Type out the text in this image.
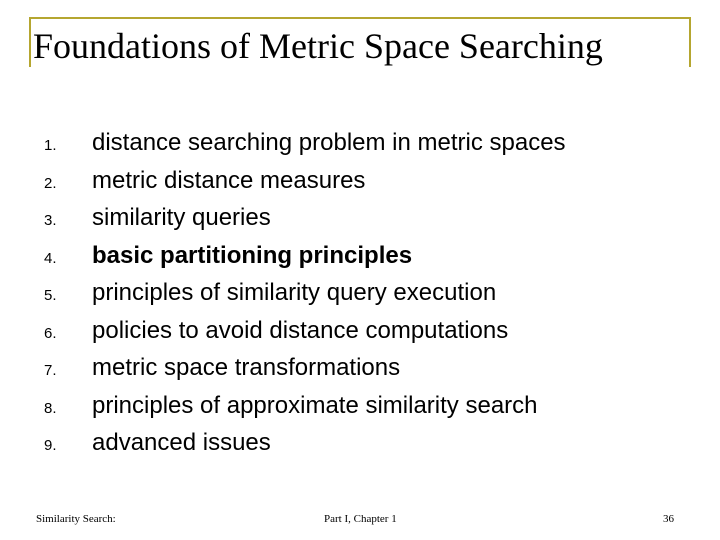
Foundations of Metric Space Searching
1.	distance searching problem in metric spaces
2.	metric distance measures
3.	similarity queries
4.	basic partitioning principles
5.	principles of similarity query execution
6.	policies to avoid distance computations
7.	metric space transformations
8.	principles of approximate similarity search
9.	advanced issues
Similarity Search:	Part I, Chapter 1	36
